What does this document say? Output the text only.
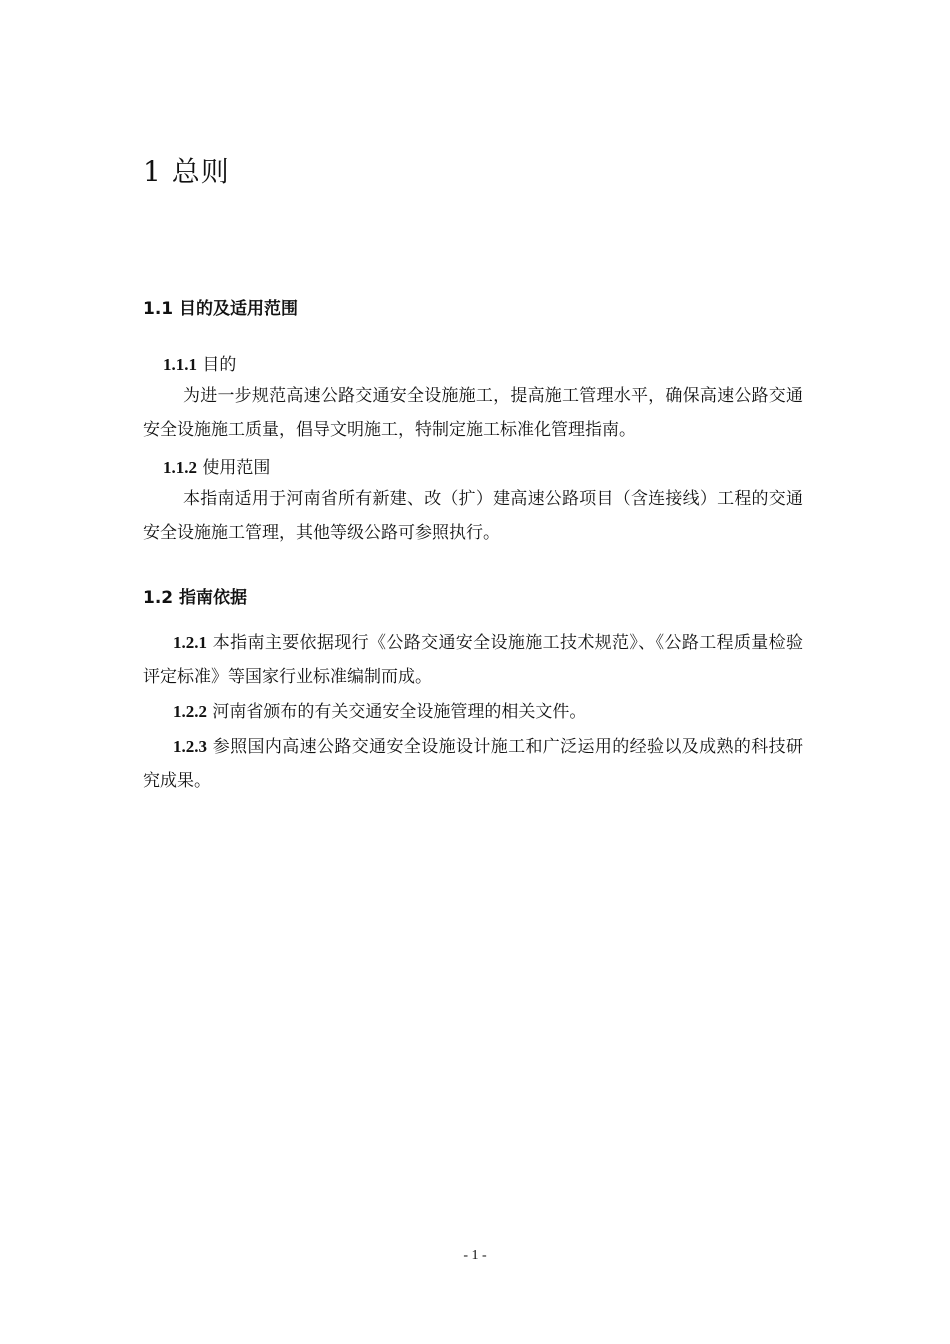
1 总则
1.1 目的及适用范围
1.1.1 目的
为进一步规范高速公路交通安全设施施工，提高施工管理水平，确保高速公路交通安全设施施工质量，倡导文明施工，特制定施工标准化管理指南。
1.1.2 使用范围
本指南适用于河南省所有新建、改（扩）建高速公路项目（含连接线）工程的交通安全设施施工管理，其他等级公路可参照执行。
1.2 指南依据
1.2.1 本指南主要依据现行《公路交通安全设施施工技术规范》、《公路工程质量检验评定标准》等国家行业标准编制而成。
1.2.2 河南省颁布的有关交通安全设施管理的相关文件。
1.2.3 参照国内高速公路交通安全设施设计施工和广泛运用的经验以及成熟的科技研究成果。
- 1 -
